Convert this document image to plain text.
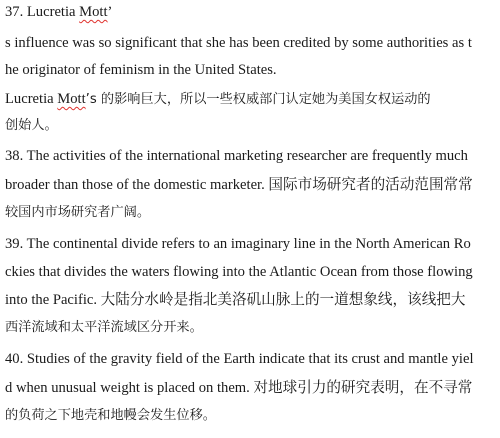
37. Lucretia Mott’
s influence was so significant that she has been credited by some authorities as t
he originator of feminism in the United States.
Lucretia Mott’s 的影响巨大，所以一些权威部门认定她为美国女权运动的
创始人。
38. The activities of the international marketing researcher are frequently much
broader than those of the domestic marketer. 国际市场研究者的活动范围常常
较国内市场研究者广阔。
39. The continental divide refers to an imaginary line in the North American Ro
ckies that divides the waters flowing into the Atlantic Ocean from those flowing
into the Pacific. 大陆分水岭是指北美洛矶山脉上的一道想象线，该线把大
西洋流域和太平洋流域区分开来。
40. Studies of the gravity field of the Earth indicate that its crust and mantle yiel
d when unusual weight is placed on them. 对地球引力的研究表明，在不寻常
的负荷之下地壳和地幔会发生位移。
